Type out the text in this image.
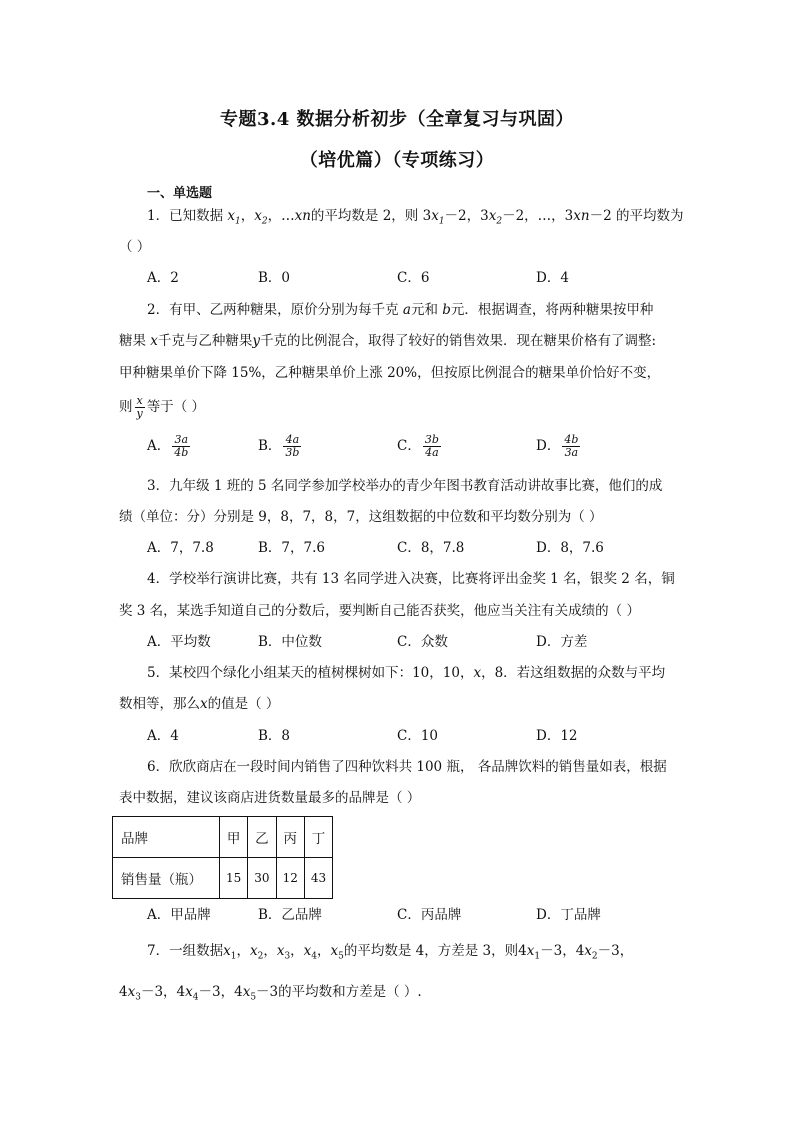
专题3.4 数据分析初步（全章复习与巩固）
（培优篇）（专项练习）
一、单选题
1．已知数据 $x_1$，$x_2$，…xn的平均数是 2，则 $3x_1-2$，$3x_2-2$，…，3xn－2 的平均数为
（ ）
A．2	B．0	C．6	D．4
2．有甲、乙两种糖果，原价分别为每千克 a元和 b元．根据调查，将两种糖果按甲种
糖果 x千克与乙种糖果y千克的比例混合，取得了较好的销售效果．现在糖果价格有了调整:
甲种糖果单价下降 15%，乙种糖果单价上涨 20%，但按原比例混合的糖果单价恰好不变，
则 $\frac{x}{y}$ 等于（ ）
A． $\frac{3a}{4b}$	B． $\frac{4a}{3b}$	C． $\frac{3b}{4a}$	D． $\frac{4b}{3a}$
3．九年级 1 班的 5 名同学参加学校举办的青少年图书教育活动讲故事比赛，他们的成
绩（单位：分）分别是 9，8，7，8，7，这组数据的中位数和平均数分别为（ ）
A．7，7.8	B．7，7.6	C．8，7.8	D．8，7.6
4．学校举行演讲比赛，共有 13 名同学进入决赛，比赛将评出金奖 1 名，银奖 2 名，铜
奖 3 名，某选手知道自己的分数后，要判断自己能否获奖，他应当关注有关成绩的（ ）
A．平均数	B．中位数	C．众数	D．方差
5．某校四个绿化小组某天的植树棵树如下：10，10，x，8．若这组数据的众数与平均
数相等，那么x的值是（ ）
A．4	B．8	C．10	D．12
6．欣欣商店在一段时间内销售了四种饮料共 100 瓶， 各品牌饮料的销售量如表，根据
表中数据，建议该商店进货数量最多的品牌是（ ）
品牌	甲	乙	丙	丁
销售量（瓶）	15	30	12	43
A．甲品牌	B．乙品牌	C．丙品牌	D．丁品牌
7．一组数据$x_1$，$x_2$，$x_3$，$x_4$，$x_5$的平均数是 4，方差是 3，则$4x_1-3$，$4x_2-3$，
$4x_3-3$，$4x_4-3$，$4x_5-3$的平均数和方差是（ ）.
